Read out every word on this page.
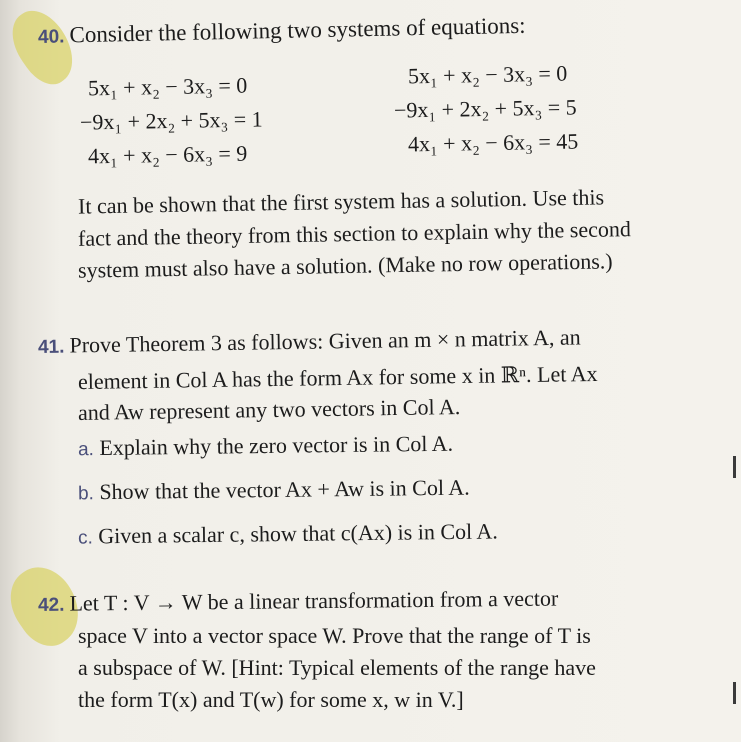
40. Consider the following two systems of equations:
5x₁ + x₂ − 3x₃ = 0
−9x₁ + 2x₂ + 5x₃ = 1
4x₁ + x₂ − 6x₃ = 9
5x₁ + x₂ − 3x₃ = 0
−9x₁ + 2x₂ + 5x₃ = 5
4x₁ + x₂ − 6x₃ = 45
It can be shown that the first system has a solution. Use this
fact and the theory from this section to explain why the second
system must also have a solution. (Make no row operations.)
41. Prove Theorem 3 as follows: Given an m × n matrix A, an
element in Col A has the form Ax for some x in ℝⁿ. Let Ax
and Aw represent any two vectors in Col A.
a. Explain why the zero vector is in Col A.
b. Show that the vector Ax + Aw is in Col A.
c. Given a scalar c, show that c(Ax) is in Col A.
42. Let T : V → W be a linear transformation from a vector
space V into a vector space W. Prove that the range of T is
a subspace of W. [Hint: Typical elements of the range have
the form T(x) and T(w) for some x, w in V.]
